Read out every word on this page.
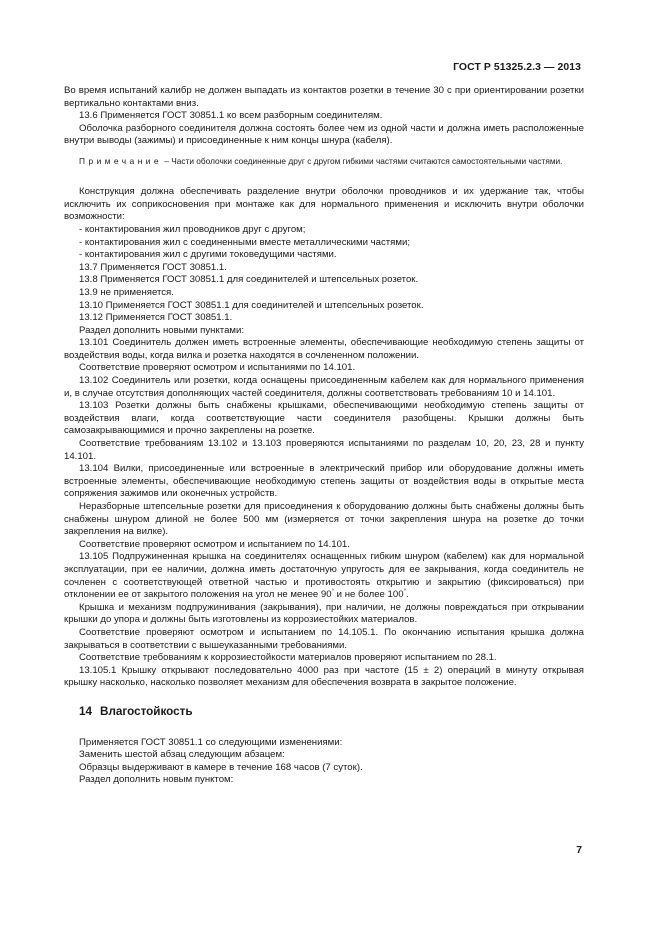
ГОСТ Р 51325.2.3 — 2013

Во время испытаний калибр не должен выпадать из контактов розетки в течение 30 с при ориентировании розетки вертикально контактами вниз.

13.6 Применяется ГОСТ 30851.1 ко всем разборным соединителям.

Оболочка разборного соединителя должна состоять более чем из одной части и должна иметь расположенные внутри выводы (зажимы) и присоединенные к ним концы шнура (кабеля).

Примечание – Части оболочки соединенные друг с другом гибкими частями считаются самостоятельными частями.

Конструкция должна обеспечивать разделение внутри оболочки проводников и их удержание так, чтобы исключить их соприкосновения при монтаже как для нормального применения и исключить внутри оболочки возможности:

- контактирования жил проводников друг с другом;

- контактирования жил с соединенными вместе металлическими частями;

- контактирования жил с другими токоведущими частями.

13.7 Применяется ГОСТ 30851.1.

13.8 Применяется ГОСТ 30851.1 для соединителей и штепсельных розеток.

13.9 не применяется.

13.10 Применяется ГОСТ 30851.1 для соединителей и штепсельных розеток.

13.12 Применяется ГОСТ 30851.1.

Раздел дополнить новыми пунктами:

13.101 Соединитель должен иметь встроенные элементы, обеспечивающие необходимую степень защиты от воздействия воды, когда вилка и розетка находятся в сочлененном положении.

Соответствие проверяют осмотром и испытаниями по 14.101.

13.102 Соединитель или розетки, когда оснащены присоединенным кабелем как для нормального применения и, в случае отсутствия дополняющих частей соединителя, должны соответствовать требованиям 10 и 14.101.

13.103 Розетки должны быть снабжены крышками, обеспечивающими необходимую степень защиты от воздействия влаги, когда соответствующие части соединителя разобщены. Крышки должны быть самозакрывающимися и прочно закреплены на розетке.

Соответствие требованиям 13.102 и 13.103 проверяются испытаниями по разделам 10, 20, 23, 28 и пункту 14.101.

13.104 Вилки, присоединенные или встроенные в электрический прибор или оборудование должны иметь встроенные элементы, обеспечивающие необходимую степень защиты от воздействия воды в открытые места сопряжения зажимов или оконечных устройств.

Неразборные штепсельные розетки для присоединения к оборудованию должны быть снабжены должны быть снабжены шнуром длиной не более 500 мм (измеряется от точки закрепления шнура на розетке до точки закрепления на вилке).

Соответствие проверяют осмотром и испытанием по 14.101.

13.105 Подпружиненная крышка на соединителях оснащенных гибким шнуром (кабелем) как для нормальной эксплуатации, при ее наличии, должна иметь достаточную упругость для ее закрывания, когда соединитель не сочленен с соответствующей ответной частью и противостоять открытию и закрытию (фиксироваться) при отклонении ее от закрытого положения на угол не менее 90° и не более 100°.

Крышка и механизм подпружинивания (закрывания), при наличии, не должны повреждаться при открывании крышки до упора и должны быть изготовлены из коррозиестойких материалов.

Соответствие проверяют осмотром и испытанием по 14.105.1. По окончанию испытания крышка должна закрываться в соответствии с вышеуказанными требованиями.

Соответствие требованиям к коррозиестойкости материалов проверяют испытанием по 28.1.

13.105.1 Крышку открывают последовательно 4000 раз при частоте (15 ± 2) операций в минуту открывая крышку насколько, насколько позволяет механизм для обеспечения возврата в закрытое положение.

14 Влагостойкость

Применяется ГОСТ 30851.1 со следующими изменениями:

Заменить шестой абзац следующим абзацем:

Образцы выдерживают в камере в течение 168 часов (7 суток).

Раздел дополнить новым пунктом:

7
